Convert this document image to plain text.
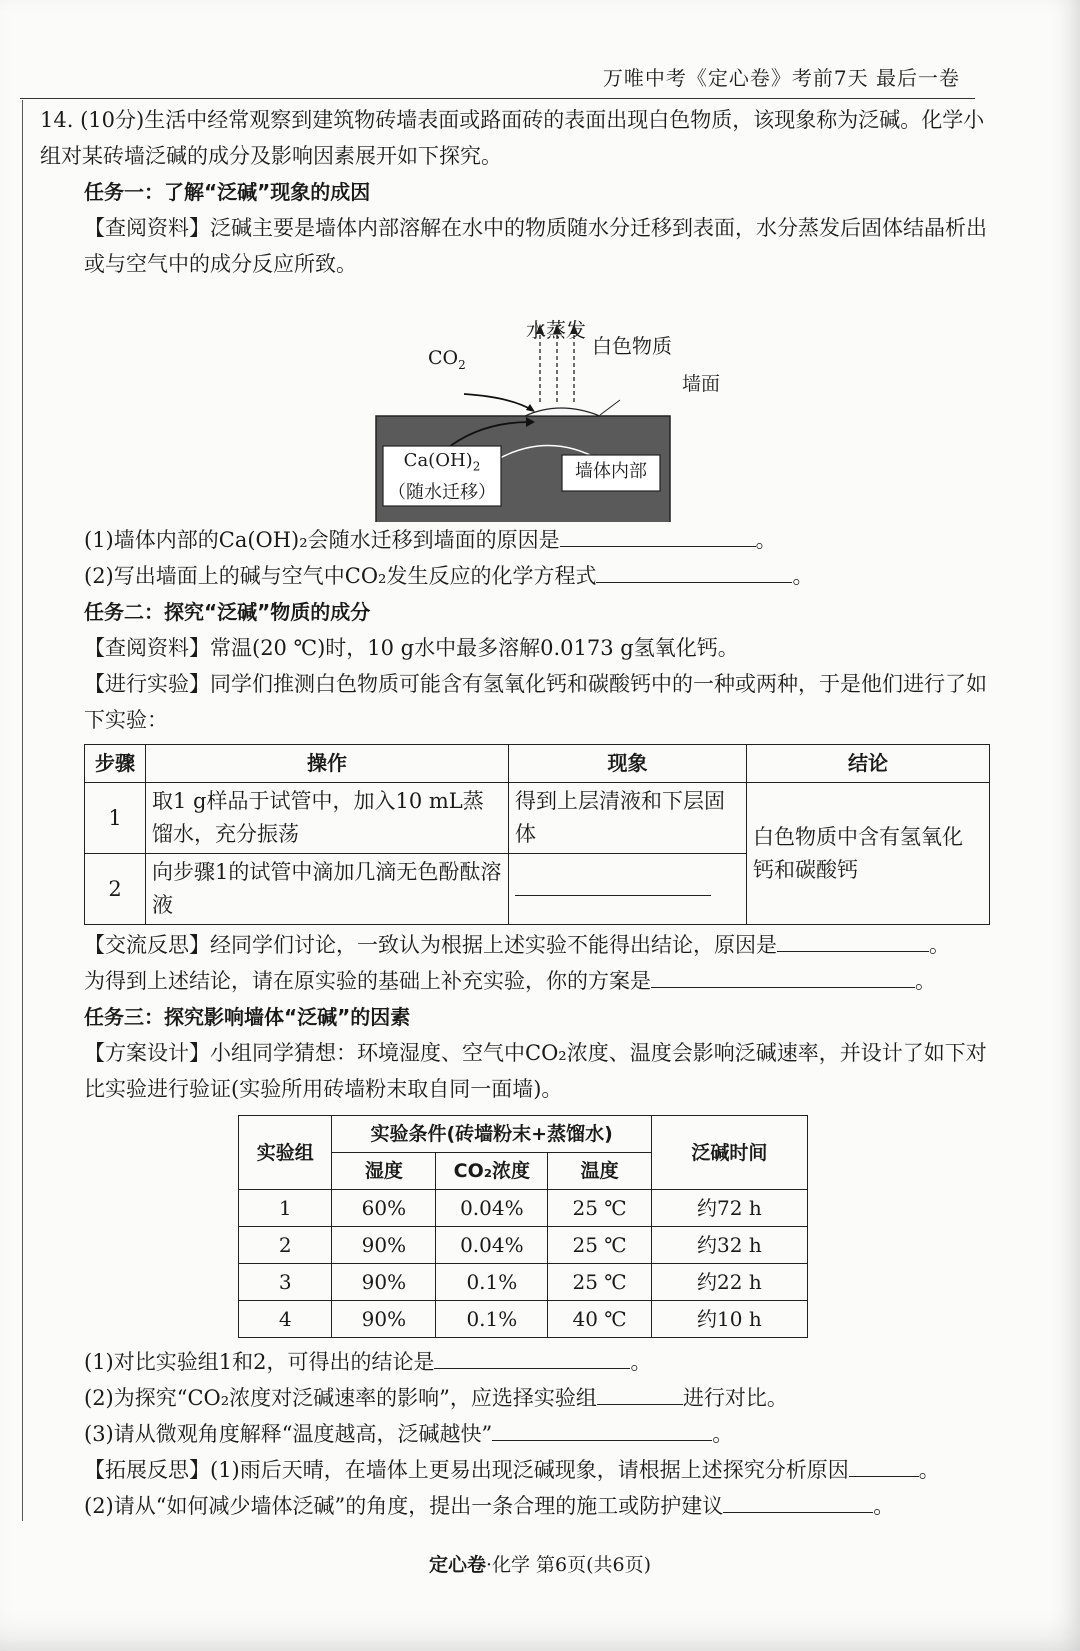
万唯中考《定心卷》考前7天 最后一卷

14. (10分)生活中经常观察到建筑物砖墙表面或路面砖的表面出现白色物质，该现象称为泛碱。化学小组对某砖墙泛碱的成分及影响因素展开如下探究。

任务一：了解“泛碱”现象的成因

【查阅资料】泛碱主要是墙体内部溶解在水中的物质随水分迁移到表面，水分蒸发后固体结晶析出或与空气中的成分反应所致。

水蒸发
$CO_2$
白色物质
墙面
$Ca(OH)_2$
（随水迁移）
墙体内部

(1)墙体内部的Ca(OH)₂会随水迁移到墙面的原因是	。

(2)写出墙面上的碱与空气中CO₂发生反应的化学方程式	。

任务二：探究“泛碱”物质的成分

【查阅资料】常温(20 ℃)时，10 g水中最多溶解0.0173 g氢氧化钙。

【进行实验】同学们推测白色物质可能含有氢氧化钙和碳酸钙中的一种或两种，于是他们进行了如下实验：

步骤	操作	现象	结论
1	取1 g样品于试管中，加入10 mL蒸馏水，充分振荡	得到上层清液和下层固体	白色物质中含有氢氧化钙和碳酸钙
2	向步骤1的试管中滴加几滴无色酚酞溶液		

【交流反思】经同学们讨论，一致认为根据上述实验不能得出结论，原因是	。

为得到上述结论，请在原实验的基础上补充实验，你的方案是	。

任务三：探究影响墙体“泛碱”的因素

【方案设计】小组同学猜想：环境湿度、空气中CO₂浓度、温度会影响泛碱速率，并设计了如下对比实验进行验证(实验所用砖墙粉末取自同一面墙)。

实验组	实验条件(砖墙粉末+蒸馏水)			泛碱时间
	湿度	CO₂浓度	温度	
1	60%	0.04%	25 ℃	约72 h
2	90%	0.04%	25 ℃	约32 h
3	90%	0.1%	25 ℃	约22 h
4	90%	0.1%	40 ℃	约10 h

(1)对比实验组1和2，可得出的结论是	。

(2)为探究“CO₂浓度对泛碱速率的影响”，应选择实验组	进行对比。

(3)请从微观角度解释“温度越高，泛碱越快”	。

【拓展反思】(1)雨后天晴，在墙体上更易出现泛碱现象，请根据上述探究分析原因	。

(2)请从“如何减少墙体泛碱”的角度，提出一条合理的施工或防护建议	。

定心卷·化学 第6页(共6页)
